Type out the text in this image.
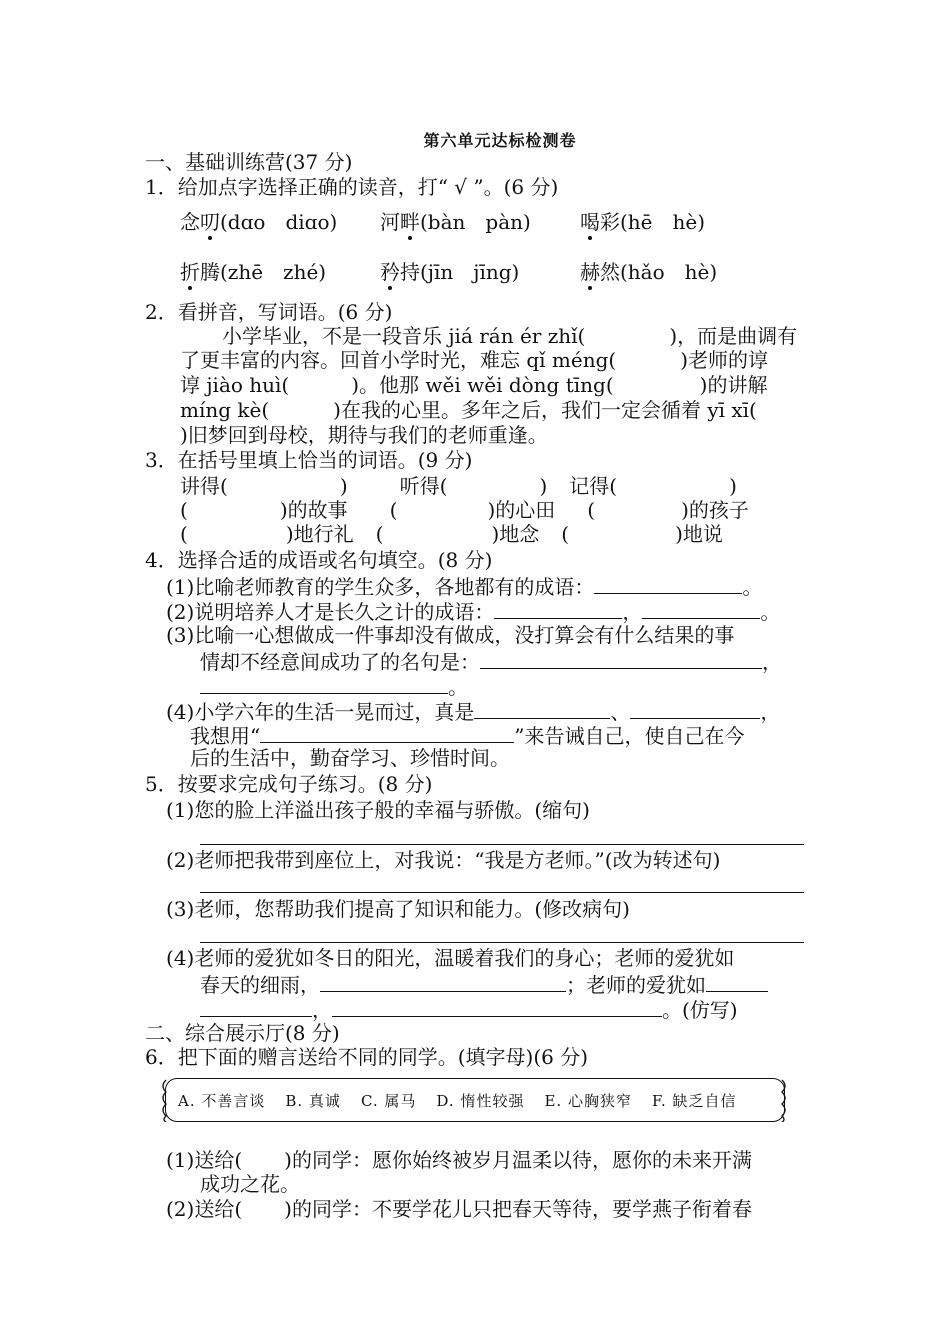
第六单元达标检测卷
一、基础训练营(37 分)
1．给加点字选择正确的读音，打“ √ ”。(6 分)
念叨(dɑo　diɑo) 河畔(bàn　pàn) 喝彩(hē　hè)
折腾(zhē　zhé)	矜持(jīn　jīng)	赫然(hǎo　hè)
2．看拼音，写词语。(6 分)
小学毕业，不是一段音乐 jiá rán ér zhǐ(	)，而是曲调有
了更丰富的内容。回首小学时光，难忘 qǐ méng(	)老师的谆
谆 jiào huì(	)。他那 wěi wěi dòng tīng(	)的讲解
míng kè(	)在我的心里。多年之后，我们一定会循着 yī xī(
)旧梦回到母校，期待与我们的老师重逢。
3．在括号里填上恰当的词语。(9 分)
讲得(	)	听得(	) 记得(	)
(	)的故事 (	)的心田 (	)的孩子
(	)地行礼 (	)地念 (	)地说
4．选择合适的成语或名句填空。(8 分)
(1)比喻老师教育的学生众多，各地都有的成语：	。
(2)说明培养人才是长久之计的成语：	，	。
(3)比喻一心想做成一件事却没有做成，没打算会有什么结果的事
情却不经意间成功了的名句是：	，
。
(4)小学六年的生活一晃而过，真是	、	，
我想用“	”来告诫自己，使自己在今
后的生活中，勤奋学习、珍惜时间。
5．按要求完成句子练习。(8 分)
(1)您的脸上洋溢出孩子般的幸福与骄傲。(缩句)
(2)老师把我带到座位上，对我说：“我是方老师。”(改为转述句)
(3)老师，您帮助我们提高了知识和能力。(修改病句)
(4)老师的爱犹如冬日的阳光，温暖着我们的身心；老师的爱犹如
春天的细雨，	；老师的爱犹如
，	。(仿写)
二、综合展示厅(8 分)
6．把下面的赠言送给不同的同学。(填字母)(6 分)
A. 不善言谈 B. 真诚 C. 属马 D. 惰性较强 E. 心胸狭窄 F. 缺乏自信
(1)送给( )的同学：愿你始终被岁月温柔以待，愿你的未来开满
成功之花。
(2)送给( )的同学：不要学花儿只把春天等待，要学燕子衔着春
